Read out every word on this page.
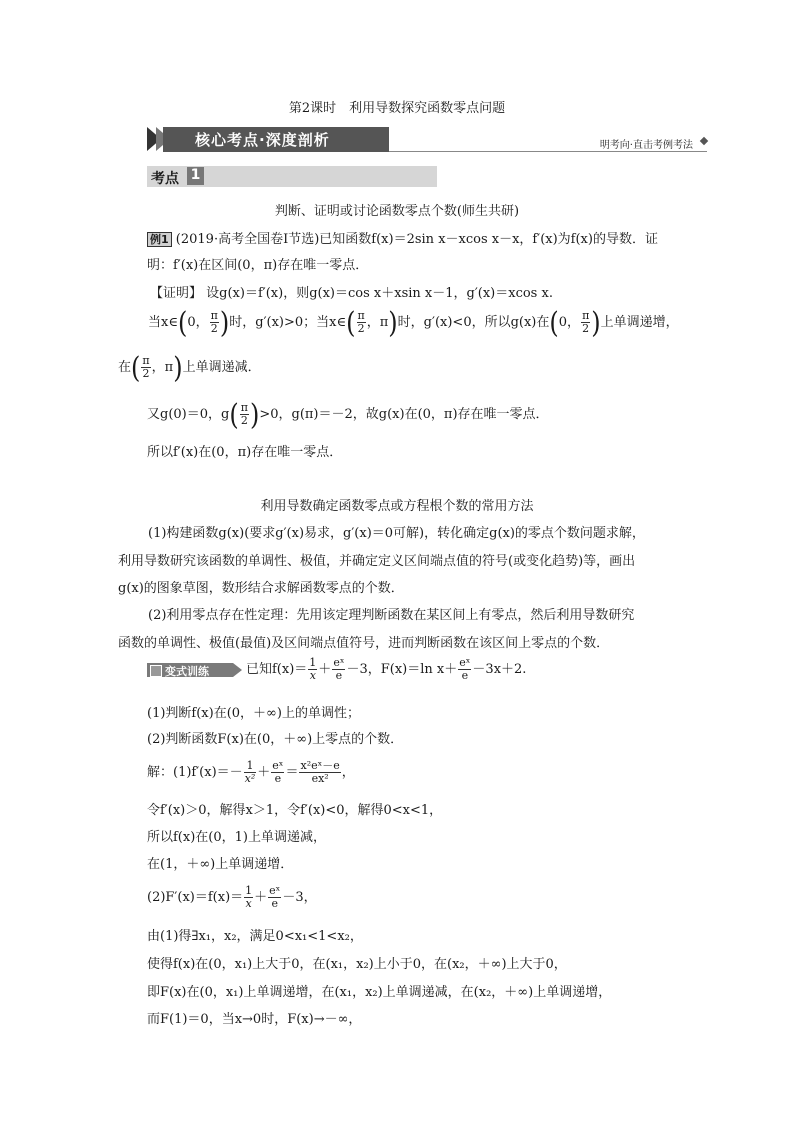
第2课时　利用导数探究函数零点问题
核心考点·深度剖析	明考向·直击考例考法
考点 1
判断、证明或讨论函数零点个数(师生共研)
例1 (2019·高考全国卷Ⅰ节选)已知函数f(x)＝2sin x－xcos x－x，f′(x)为f(x)的导数．证
明：f′(x)在区间(0，π)存在唯一零点．
【证明】 设g(x)＝f′(x)，则g(x)＝cos x＋xsin x－1，g′(x)＝xcos x.
当x∈(0， $\frac{\pi}{2}$ )时，g′(x)>0；当x∈( $\frac{\pi}{2}$ ，π)时，g′(x)<0，所以g(x)在(0， $\frac{\pi}{2}$ )上单调递增，
在( $\frac{\pi}{2}$ ，π)上单调递减．
又g(0)＝0，$g( \frac{\pi}{2} )>0$，g(π)＝－2，故g(x)在(0，π)存在唯一零点．
所以f′(x)在(0，π)存在唯一零点．
利用导数确定函数零点或方程根个数的常用方法
(1)构建函数g(x)(要求g′(x)易求，g′(x)＝0可解)，转化确定g(x)的零点个数问题求解，
利用导数研究该函数的单调性、极值，并确定定义区间端点值的符号(或变化趋势)等，画出
g(x)的图象草图，数形结合求解函数零点的个数．
(2)利用零点存在性定理：先用该定理判断函数在某区间上有零点，然后利用导数研究
函数的单调性、极值(最值)及区间端点值符号，进而判断函数在该区间上零点的个数．
变式训练	已知$f(x)= \frac{1}{x} + \frac{\text{eˣ}}{e} -3$，F(x)＝ln $x+ \frac{\text{eˣ}}{e} -3x+2$.
(1)判断f(x)在(0，＋∞)上的单调性；
(2)判断函数F(x)在(0，＋∞)上零点的个数．
解：$(1)f'(x)=- \frac{1}{\text{x²}} + \frac{\text{eˣ}}{e} = \frac{\text{x²eˣ－e}}{\text{ex²}}$ ，
令f′(x)＞0，解得x＞1，令f′(x)<0，解得0<x<1，
所以f(x)在(0，1)上单调递减，
在(1，＋∞)上单调递增．
$(2)F'(x)=f(x)= \frac{1}{x} + \frac{\text{eˣ}}{e} -3$，
由(1)得∃x₁，x₂，满足0<x₁<1<x₂，
使得f(x)在(0，x₁)上大于0，在(x₁，x₂)上小于0，在(x₂，＋∞)上大于0，
即F(x)在(0，x₁)上单调递增，在(x₁，x₂)上单调递减，在(x₂，＋∞)上单调递增，
而F(1)＝0，当x→0时，F(x)→－∞，
